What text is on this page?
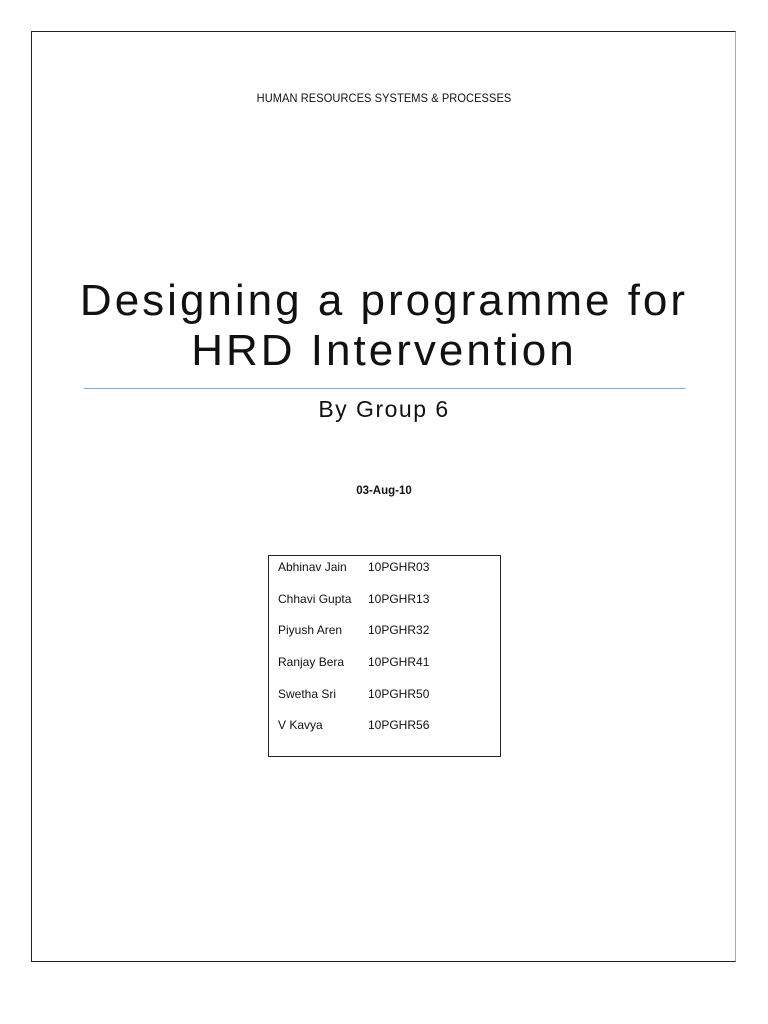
HUMAN RESOURCES SYSTEMS & PROCESSES
Designing a programme for
HRD Intervention
By Group 6
03-Aug-10
Abhinav Jain	10PGHR03
Chhavi Gupta	10PGHR13
Piyush Aren	10PGHR32
Ranjay Bera	10PGHR41
Swetha Sri	10PGHR50
V Kavya	10PGHR56
